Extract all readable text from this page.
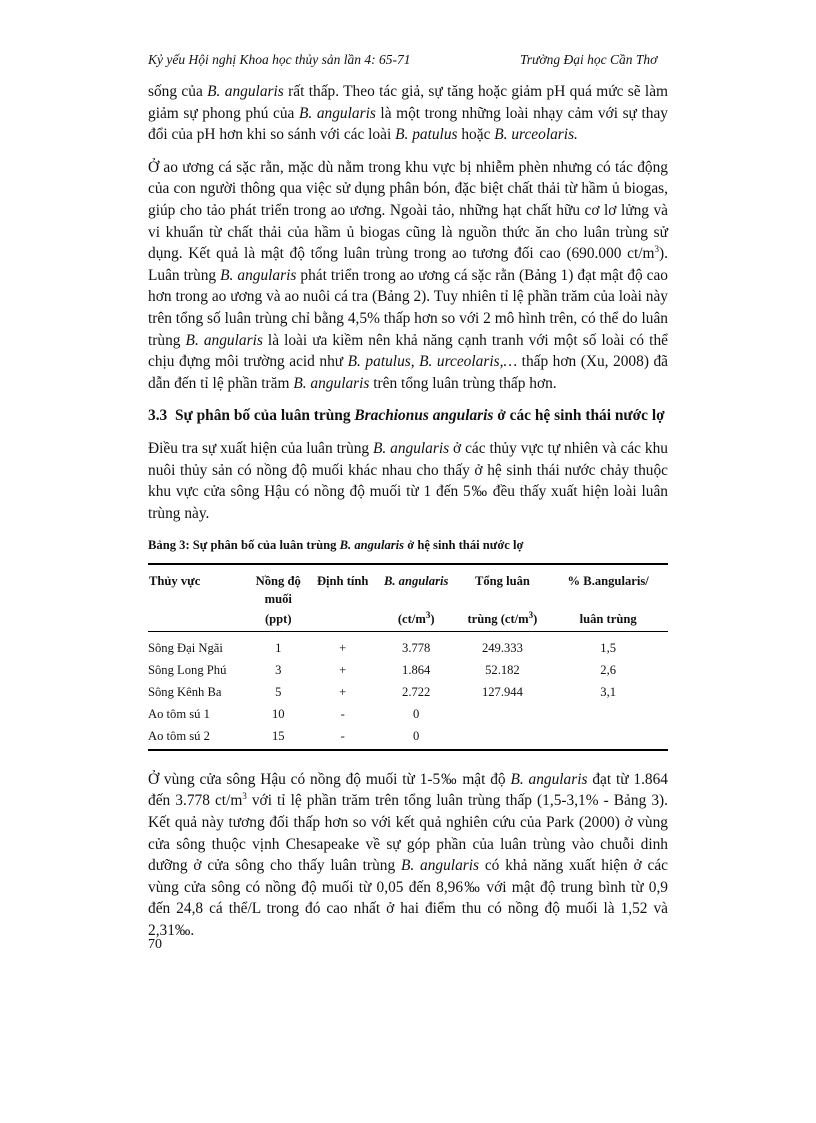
Kỷ yếu Hội nghị Khoa học thủy sản lần 4: 65-71	Trường Đại học Cần Thơ

sống của B. angularis rất thấp. Theo tác giả, sự tăng hoặc giảm pH quá mức sẽ làm giảm sự phong phú của B. angularis là một trong những loài nhạy cảm với sự thay đổi của pH hơn khi so sánh với các loài B. patulus hoặc B. urceolaris.

Ở ao ương cá sặc rằn, mặc dù nằm trong khu vực bị nhiễm phèn nhưng có tác động của con người thông qua việc sử dụng phân bón, đặc biệt chất thải từ hầm ủ biogas, giúp cho tảo phát triển trong ao ương. Ngoài tảo, những hạt chất hữu cơ lơ lửng và vi khuẩn từ chất thải của hầm ủ biogas cũng là nguồn thức ăn cho luân trùng sử dụng. Kết quả là mật độ tổng luân trùng trong ao tương đối cao (690.000 $ct/m^3$). Luân trùng B. angularis phát triển trong ao ương cá sặc rằn (Bảng 1) đạt mật độ cao hơn trong ao ương và ao nuôi cá tra (Bảng 2). Tuy nhiên tỉ lệ phần trăm của loài này trên tổng số luân trùng chỉ bằng 4,5% thấp hơn so với 2 mô hình trên, có thể do luân trùng B. angularis là loài ưa kiềm nên khả năng cạnh tranh với một số loài có thể chịu đựng môi trường acid như B. patulus, B. urceolaris,… thấp hơn (Xu, 2008) đã dẫn đến tỉ lệ phần trăm B. angularis trên tổng luân trùng thấp hơn.

3.3 Sự phân bố của luân trùng Brachionus angularis ở các hệ sinh thái nước lợ

Điều tra sự xuất hiện của luân trùng B. angularis ở các thủy vực tự nhiên và các khu nuôi thủy sản có nồng độ muối khác nhau cho thấy ở hệ sinh thái nước chảy thuộc khu vực cửa sông Hậu có nồng độ muối từ 1 đến 5‰ đều thấy xuất hiện loài luân trùng này.

Bảng 3: Sự phân bố của luân trùng B. angularis ở hệ sinh thái nước lợ
Thủy vực	Nồng độ muối	Định tính	B. angularis	Tổng luân	% B.angularis/
	(ppt)		$(ct/m^3)$	trùng $(ct/m^3)$	luân trùng
Sông Đại Ngãi	1	+	3.778	249.333	1,5
Sông Long Phú	3	+	1.864	52.182	2,6
Sông Kênh Ba	5	+	2.722	127.944	3,1
Ao tôm sú 1	10	-	0		
Ao tôm sú 2	15	-	0		

Ở vùng cửa sông Hậu có nồng độ muối từ 1-5‰ mật độ B. angularis đạt từ 1.864 đến 3.778 $ct/m^3$ với tỉ lệ phần trăm trên tổng luân trùng thấp (1,5-3,1% - Bảng 3). Kết quả này tương đối thấp hơn so với kết quả nghiên cứu của Park (2000) ở vùng cửa sông thuộc vịnh Chesapeake về sự góp phần của luân trùng vào chuỗi dinh dưỡng ở cửa sông cho thấy luân trùng B. angularis có khả năng xuất hiện ở các vùng cửa sông có nồng độ muối từ 0,05 đến 8,96‰ với mật độ trung bình từ 0,9 đến 24,8 cá thể/L trong đó cao nhất ở hai điểm thu có nồng độ muối là 1,52 và 2,31‰.

70
